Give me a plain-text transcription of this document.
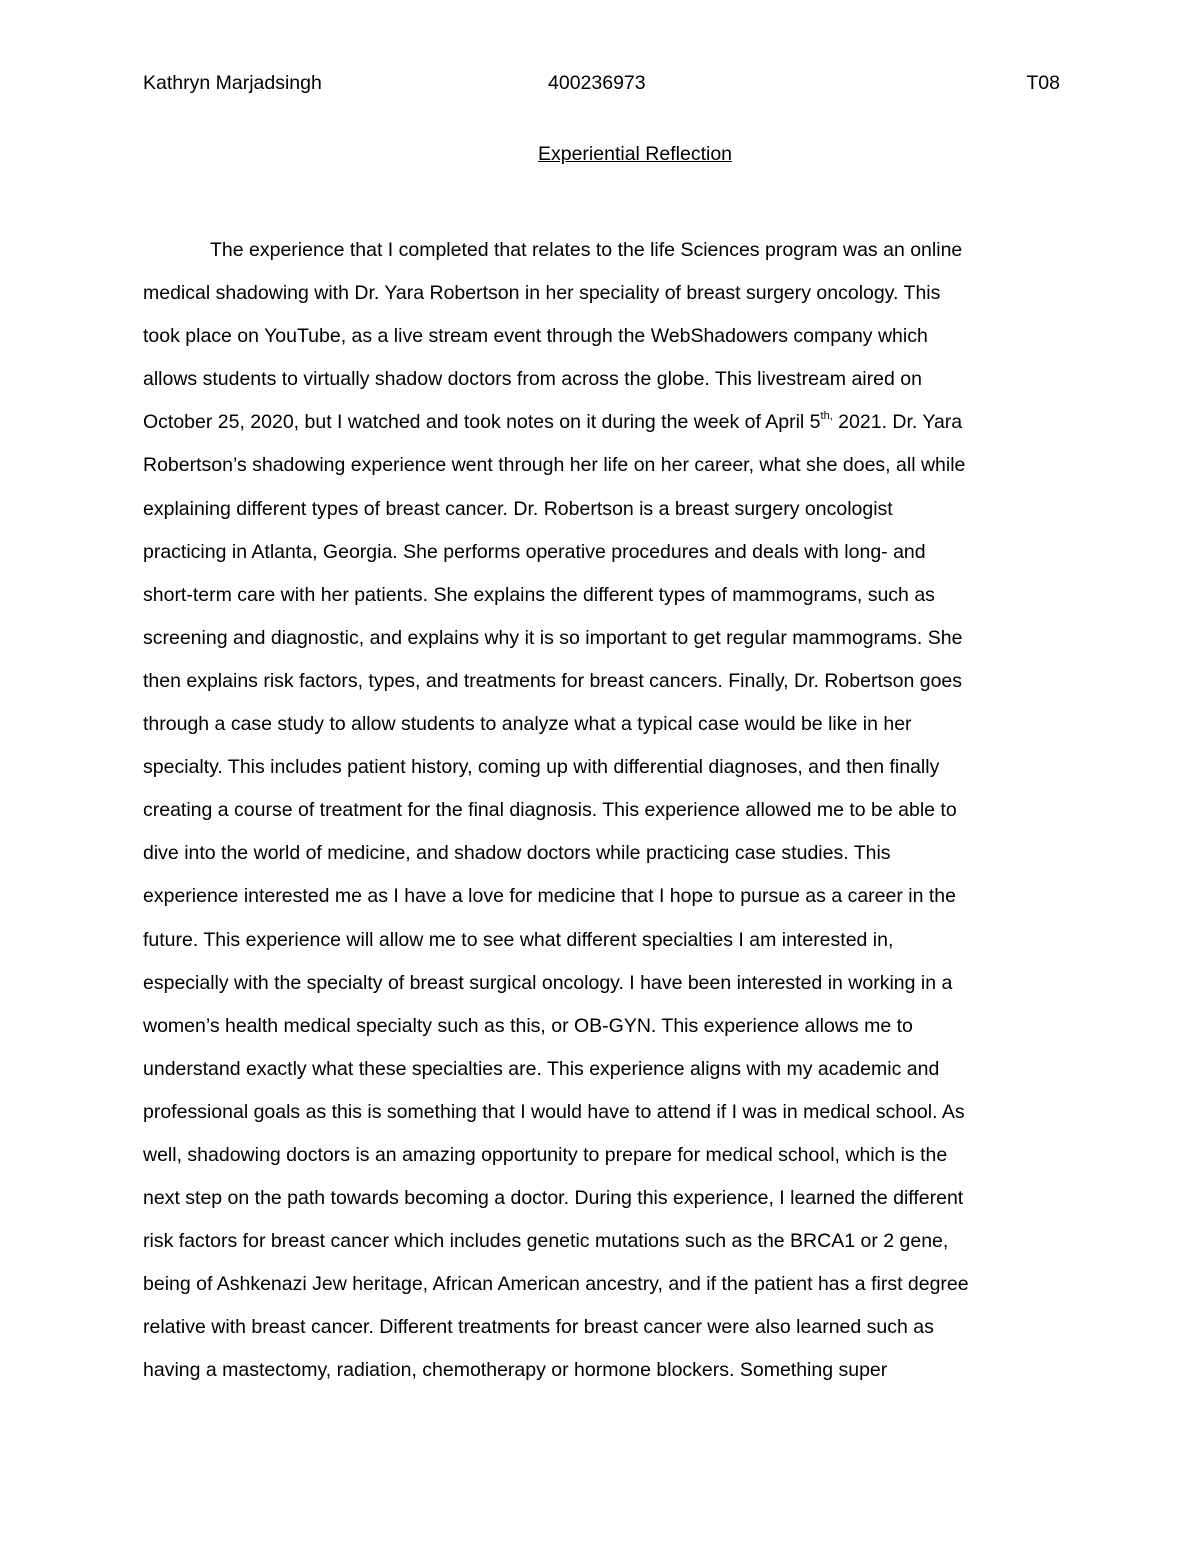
Kathryn Marjadsingh	400236973	T08
Experiential Reflection
The experience that I completed that relates to the life Sciences program was an online
medical shadowing with Dr. Yara Robertson in her speciality of breast surgery oncology. This
took place on YouTube, as a live stream event through the WebShadowers company which
allows students to virtually shadow doctors from across the globe. This livestream aired on
October 25, 2020, but I watched and took notes on it during the week of April $5^{th,}$ 2021. Dr. Yara
Robertson’s shadowing experience went through her life on her career, what she does, all while
explaining different types of breast cancer. Dr. Robertson is a breast surgery oncologist
practicing in Atlanta, Georgia. She performs operative procedures and deals with long- and
short-term care with her patients. She explains the different types of mammograms, such as
screening and diagnostic, and explains why it is so important to get regular mammograms. She
then explains risk factors, types, and treatments for breast cancers. Finally, Dr. Robertson goes
through a case study to allow students to analyze what a typical case would be like in her
specialty. This includes patient history, coming up with differential diagnoses, and then finally
creating a course of treatment for the final diagnosis. This experience allowed me to be able to
dive into the world of medicine, and shadow doctors while practicing case studies. This
experience interested me as I have a love for medicine that I hope to pursue as a career in the
future. This experience will allow me to see what different specialties I am interested in,
especially with the specialty of breast surgical oncology. I have been interested in working in a
women’s health medical specialty such as this, or OB-GYN. This experience allows me to
understand exactly what these specialties are. This experience aligns with my academic and
professional goals as this is something that I would have to attend if I was in medical school. As
well, shadowing doctors is an amazing opportunity to prepare for medical school, which is the
next step on the path towards becoming a doctor. During this experience, I learned the different
risk factors for breast cancer which includes genetic mutations such as the BRCA1 or 2 gene,
being of Ashkenazi Jew heritage, African American ancestry, and if the patient has a first degree
relative with breast cancer. Different treatments for breast cancer were also learned such as
having a mastectomy, radiation, chemotherapy or hormone blockers. Something super
